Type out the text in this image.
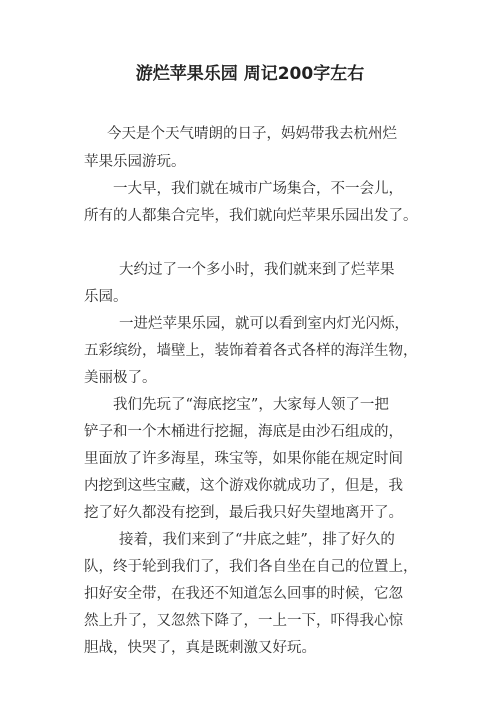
游烂苹果乐园 周记200字左右
今天是个天气晴朗的日子，妈妈带我去杭州烂
苹果乐园游玩。
一大早，我们就在城市广场集合，不一会儿，
所有的人都集合完毕，我们就向烂苹果乐园出发了。
大约过了一个多小时，我们就来到了烂苹果
乐园。
一进烂苹果乐园，就可以看到室内灯光闪烁，
五彩缤纷，墙壁上，装饰着着各式各样的海洋生物，
美丽极了。
我们先玩了“海底挖宝”，大家每人领了一把
铲子和一个木桶进行挖掘，海底是由沙石组成的，
里面放了许多海星，珠宝等，如果你能在规定时间
内挖到这些宝藏，这个游戏你就成功了，但是，我
挖了好久都没有挖到，最后我只好失望地离开了。
接着，我们来到了“井底之蛙”，排了好久的
队，终于轮到我们了，我们各自坐在自己的位置上，
扣好安全带，在我还不知道怎么回事的时候，它忽
然上升了，又忽然下降了，一上一下，吓得我心惊
胆战，快哭了，真是既刺激又好玩。
